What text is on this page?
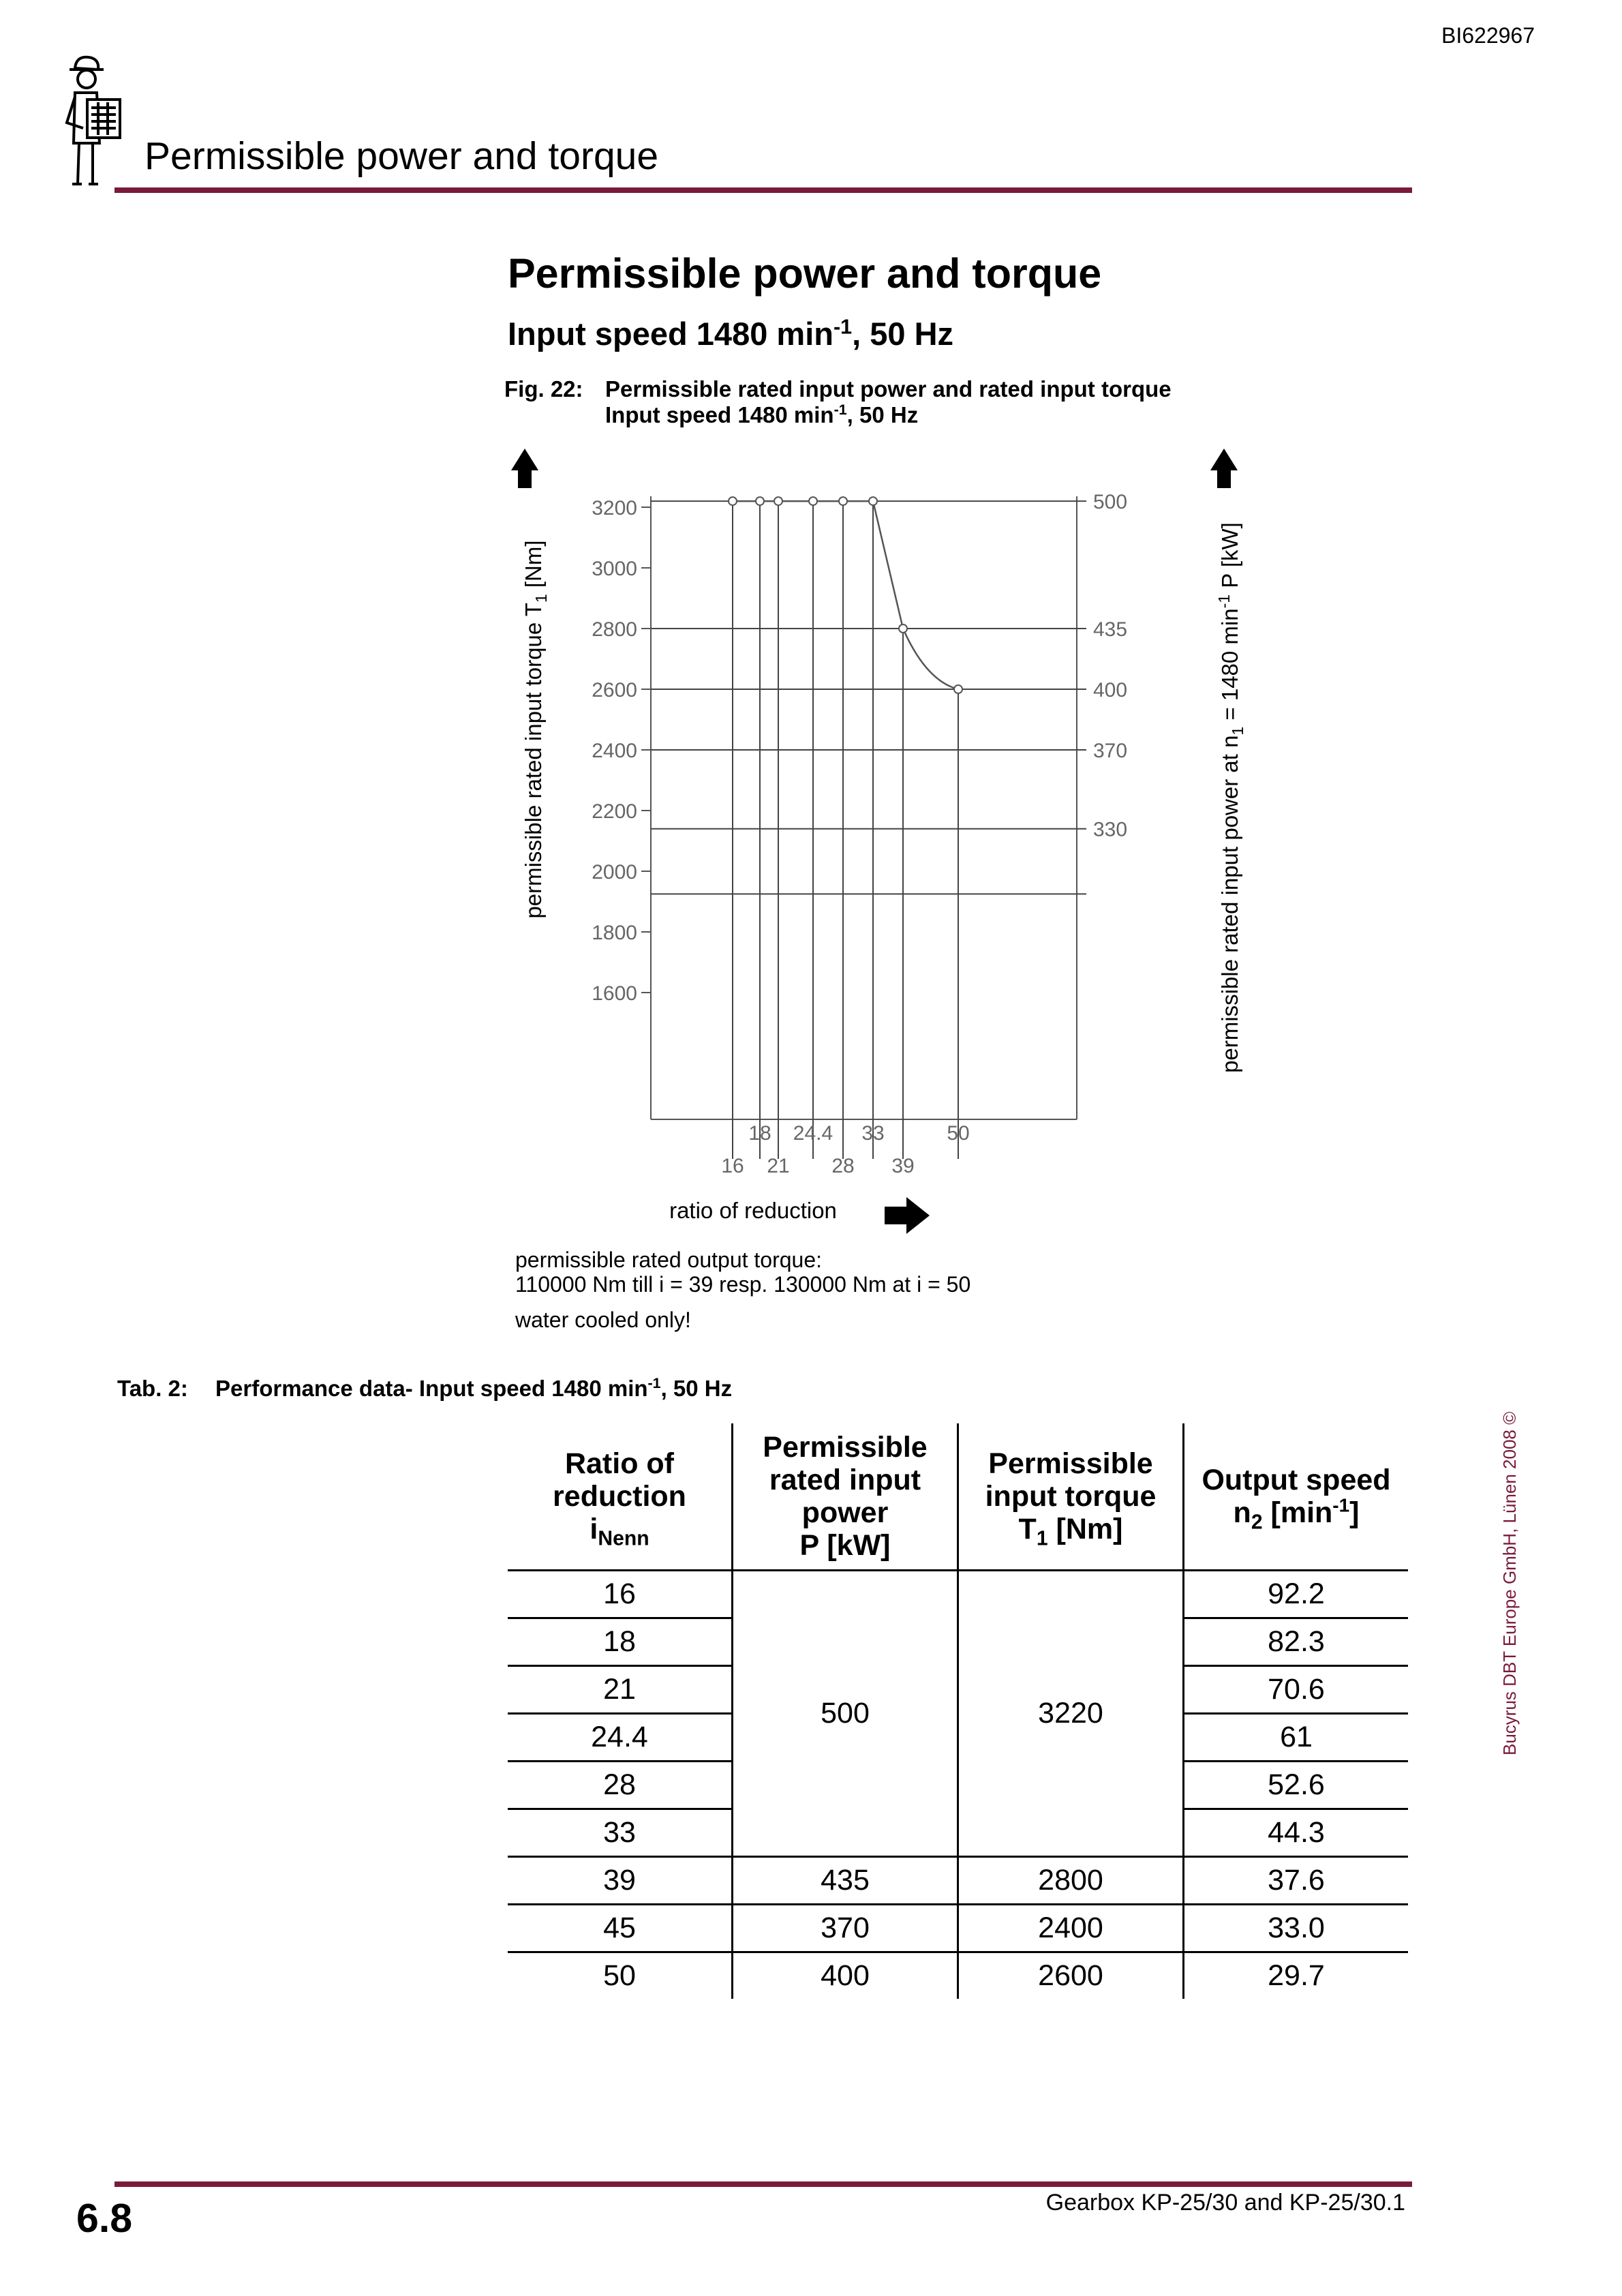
BI622967
Permissible power and torque
Permissible power and torque
Input speed 1480 $\min^{-1}$, 50 Hz
Fig. 22: Permissible rated input power and rated input torque
Input speed 1480 $\min^{-1}$, 50 Hz
3200
3000
2800
2600
2400
2200
2000
1800
1600
500
435
400
370
330
18 24.4 33	50
16 21 28 39
ratio of reduction
permissible rated input torque $T_1$ [Nm]
permissible rated input power at $n_1 = 1480$ $\min^{-1} P$ [kW]
permissible rated output torque:
110000 Nm till i = 39 resp. 130000 Nm at i = 50
water cooled only!
Tab. 2: Performance data- Input speed 1480 $\min^{-1}$, 50 Hz
Ratio of
reduction
$i_{Nenn}$	Permissible
rated input
power
P [kW]	Permissible
input torque
$T_1$ [Nm]	Output speed
$n_2$ $[\min^{-1}]$
16	500	3220	92.2
18			82.3
21			70.6
24.4			61
28			52.6
33			44.3
39	435	2800	37.6
45	370	2400	33.0
50	400	2600	29.7
Bucyrus DBT Europe GmbH, Lünen 2008 ©
6.8	Gearbox KP-25/30 and KP-25/30.1
